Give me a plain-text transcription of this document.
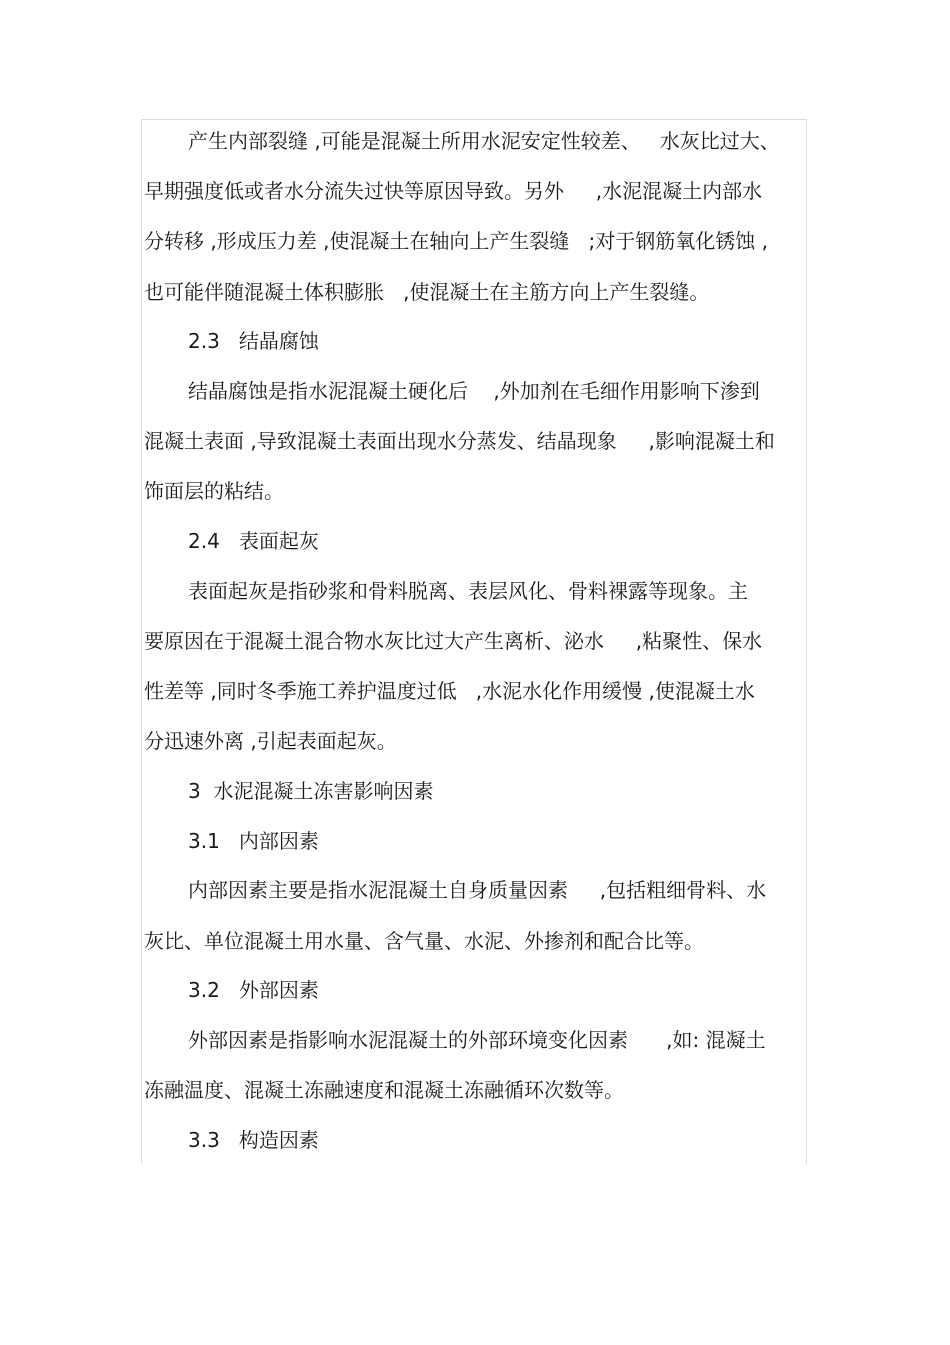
产生内部裂缝 ,可能是混凝土所用水泥安定性较差、   水灰比过大、
早期强度低或者水分流失过快等原因导致。另外     ,水泥混凝土内部水
分转移 ,形成压力差 ,使混凝土在轴向上产生裂缝   ;对于钢筋氧化锈蚀 ,
也可能伴随混凝土体积膨胀   ,使混凝土在主筋方向上产生裂缝。
2.3   结晶腐蚀
结晶腐蚀是指水泥混凝土硬化后    ,外加剂在毛细作用影响下渗到
混凝土表面 ,导致混凝土表面出现水分蒸发、结晶现象     ,影响混凝土和
饰面层的粘结。
2.4   表面起灰
表面起灰是指砂浆和骨料脱离、表层风化、骨料裸露等现象。主
要原因在于混凝土混合物水灰比过大产生离析、泌水     ,粘聚性、保水
性差等 ,同时冬季施工养护温度过低   ,水泥水化作用缓慢 ,使混凝土水
分迅速外离 ,引起表面起灰。
3  水泥混凝土冻害影响因素
3.1   内部因素
内部因素主要是指水泥混凝土自身质量因素     ,包括粗细骨料、水
灰比、单位混凝土用水量、含气量、水泥、外掺剂和配合比等。
3.2   外部因素
外部因素是指影响水泥混凝土的外部环境变化因素      ,如: 混凝土
冻融温度、混凝土冻融速度和混凝土冻融循环次数等。
3.3   构造因素
